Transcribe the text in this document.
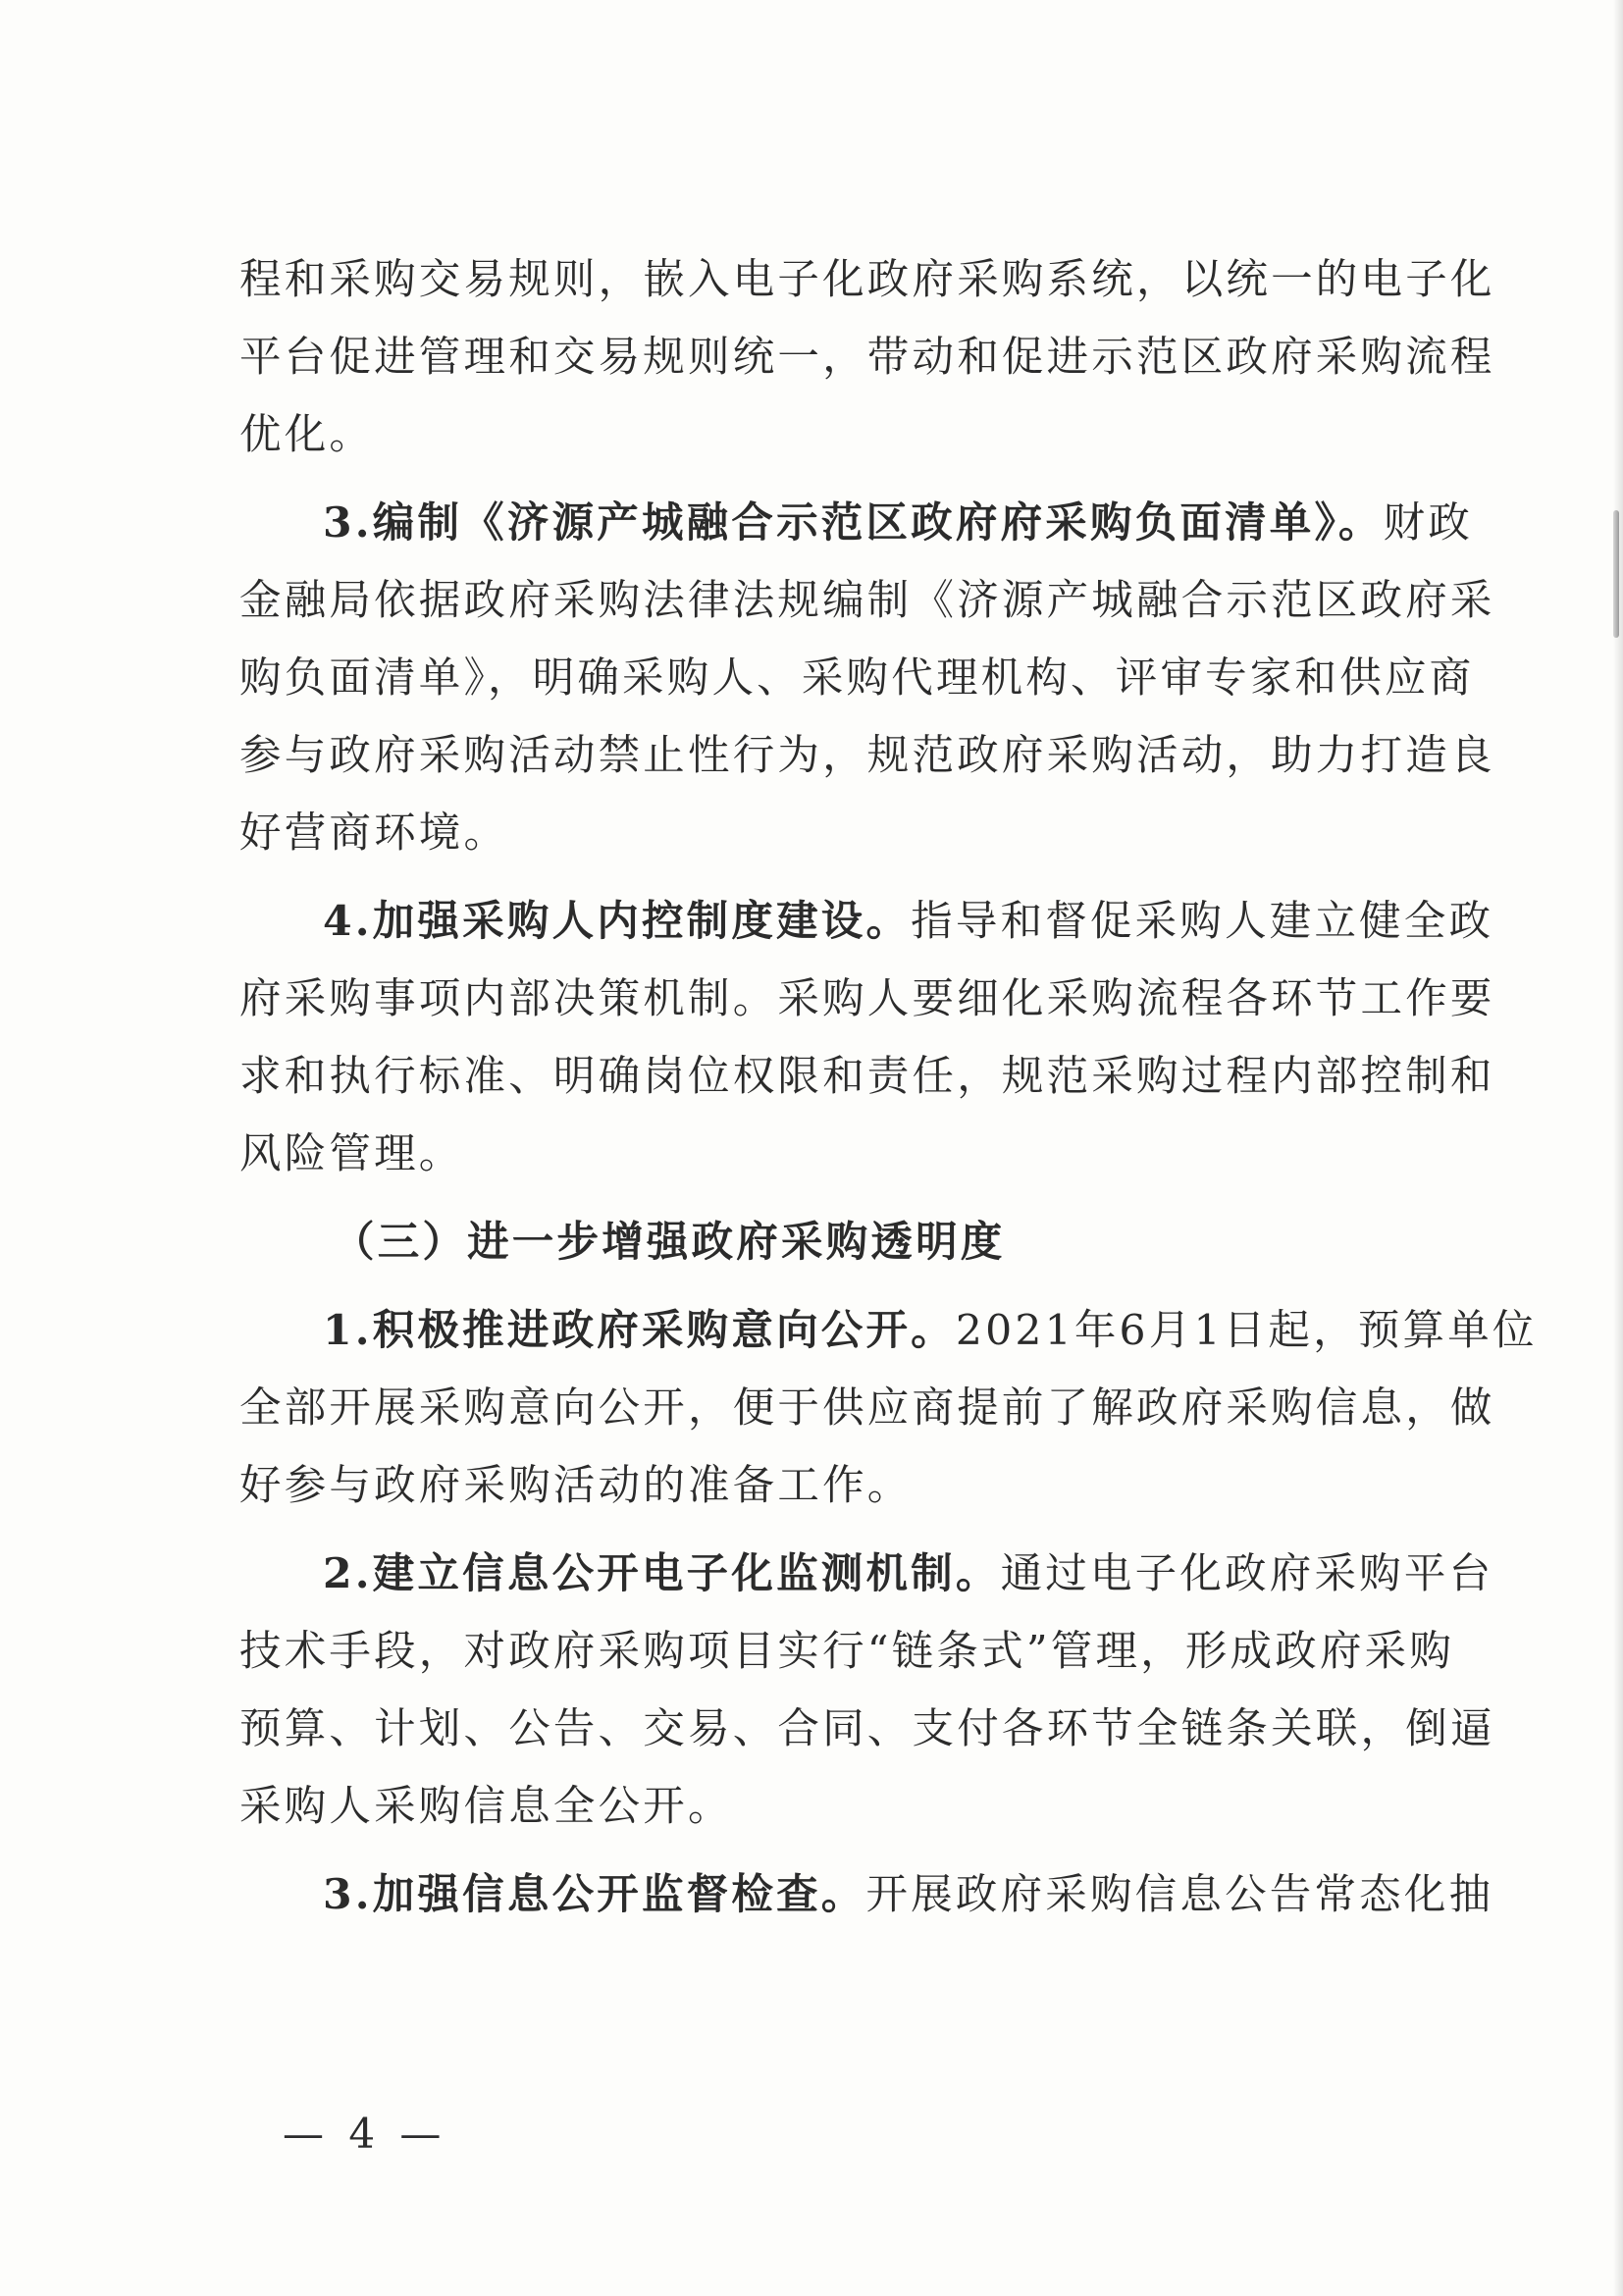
程和采购交易规则，嵌入电子化政府采购系统，以统一的电子化
平台促进管理和交易规则统一，带动和促进示范区政府采购流程
优化。
3.编制《济源产城融合示范区政府府采购负面清单》。财政
金融局依据政府采购法律法规编制《济源产城融合示范区政府采
购负面清单》，明确采购人、采购代理机构、评审专家和供应商
参与政府采购活动禁止性行为，规范政府采购活动，助力打造良
好营商环境。
4.加强采购人内控制度建设。指导和督促采购人建立健全政
府采购事项内部决策机制。采购人要细化采购流程各环节工作要
求和执行标准、明确岗位权限和责任，规范采购过程内部控制和
风险管理。
（三）进一步增强政府采购透明度
1.积极推进政府采购意向公开。2021年6月1日起，预算单位
全部开展采购意向公开，便于供应商提前了解政府采购信息，做
好参与政府采购活动的准备工作。
2.建立信息公开电子化监测机制。通过电子化政府采购平台
技术手段，对政府采购项目实行“链条式”管理，形成政府采购
预算、计划、公告、交易、合同、支付各环节全链条关联，倒逼
采购人采购信息全公开。
3.加强信息公开监督检查。开展政府采购信息公告常态化抽
— 4 —
